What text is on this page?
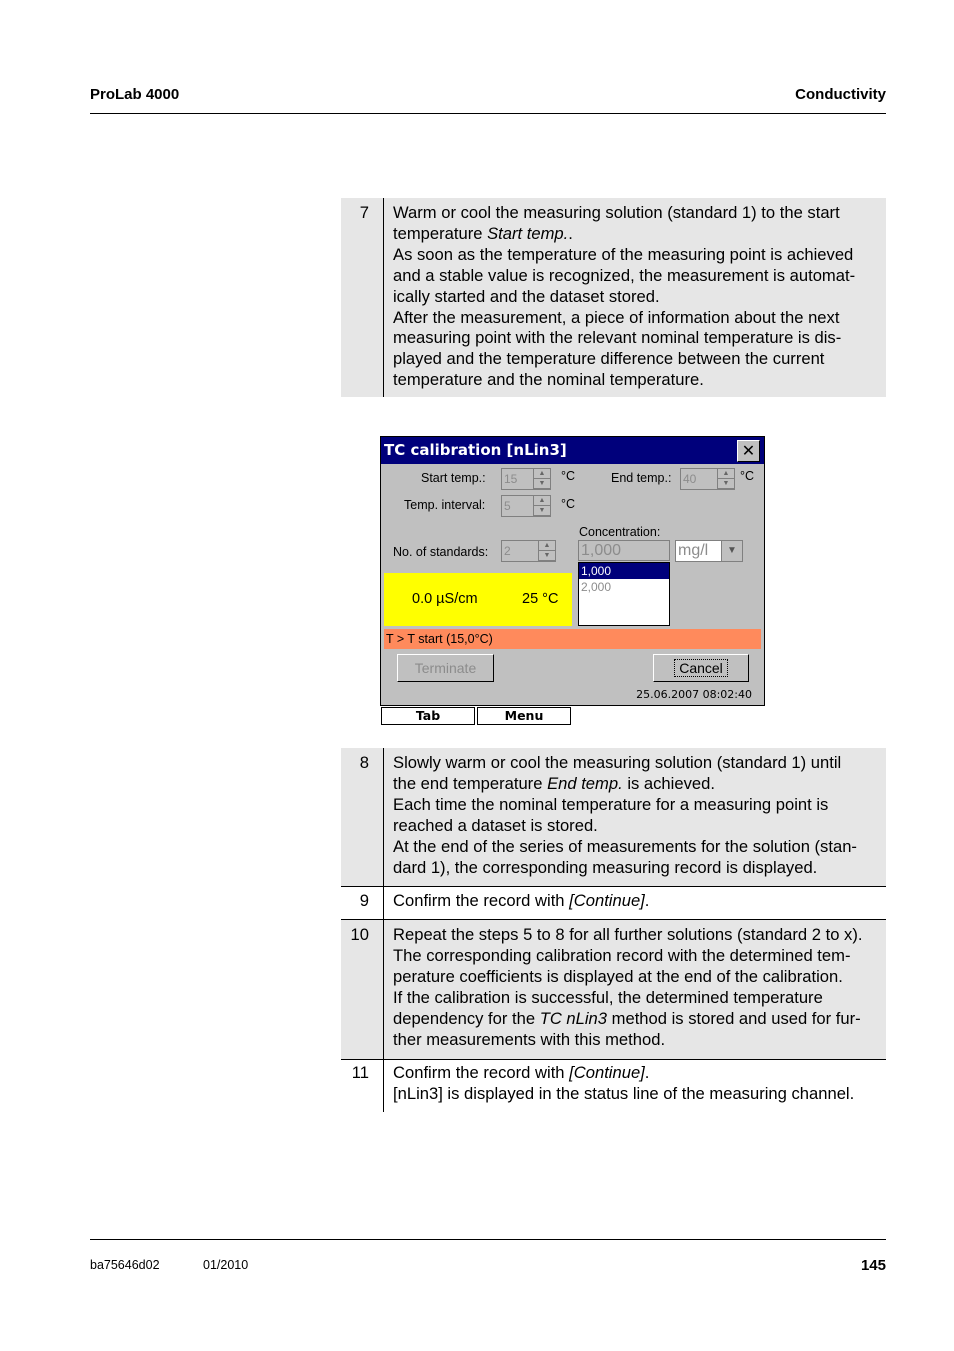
ProLab 4000	Conductivity
7	Warm or cool the measuring solution (standard 1) to the start

temperature Start temp..

As soon as the temperature of the measuring point is achieved

and a stable value is recognized, the measurement is automat-

ically started and the dataset stored.

After the measurement, a piece of information about the next

measuring point with the relevant nominal temperature is dis-

played and the temperature difference between the current

temperature and the nominal temperature.

TC calibration [nLin3]	✕
Start temp.: 15	▲
▼
°C	End temp.: 40	▲
▼
°C
Temp. interval: 5	▲
▼	°C
Concentration:
1,000
1,000
2,000
mg/l	▼
No. of standards: 2	▲
▼
0.0 µS/cm	25 °C
T > T start (15,0°C)
Terminate	Cancel
25.06.2007 08:02:40
Tab	Menu
8	Slowly warm or cool the measuring solution (standard 1) until

the end temperature End temp. is achieved.

Each time the nominal temperature for a measuring point is

reached a dataset is stored.

At the end of the series of measurements for the solution (stan-

dard 1), the corresponding measuring record is displayed.

9	Confirm the record with [Continue].

10	Repeat the steps 5 to 8 for all further solutions (standard 2 to x).

The corresponding calibration record with the determined tem-

perature coefficients is displayed at the end of the calibration.

If the calibration is successful, the determined temperature

dependency for the TC nLin3 method is stored and used for fur-

ther measurements with this method.

11	Confirm the record with [Continue].

[nLin3] is displayed in the status line of the measuring channel.

ba75646d02	01/2010	145
